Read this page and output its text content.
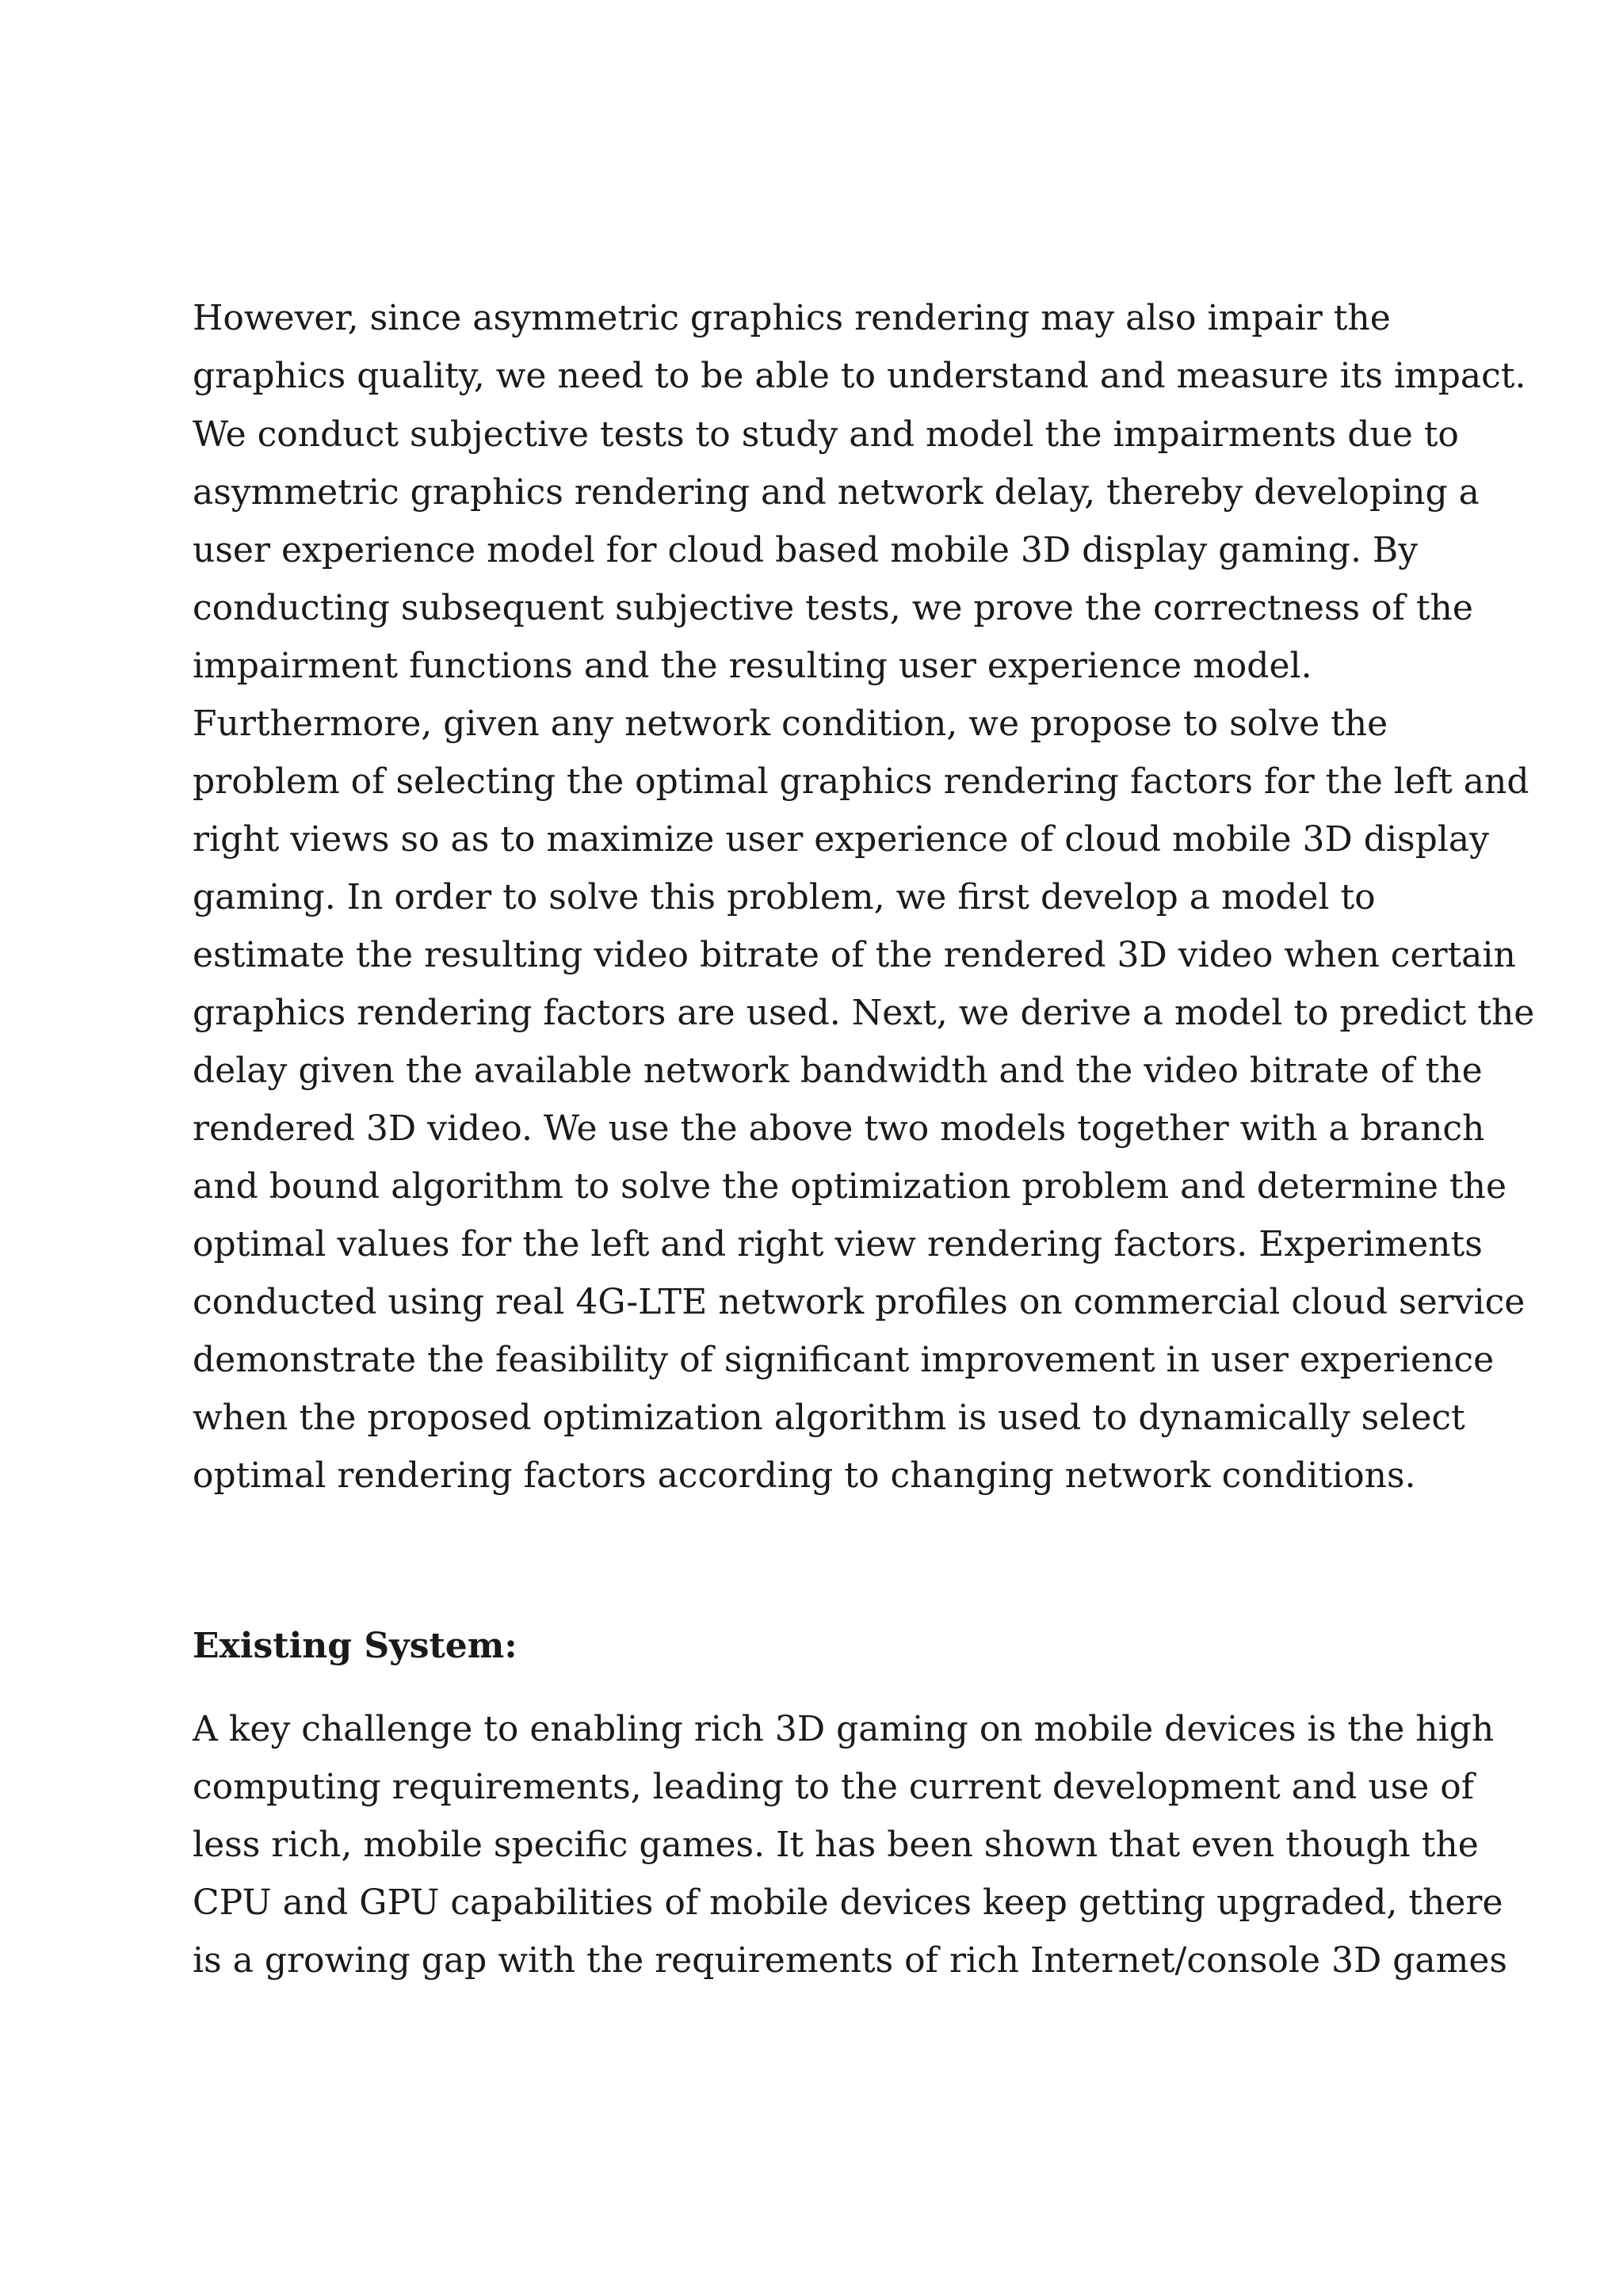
However, since asymmetric graphics rendering may also impair the

graphics quality, we need to be able to understand and measure its impact.

We conduct subjective tests to study and model the impairments due to

asymmetric graphics rendering and network delay, thereby developing a

user experience model for cloud based mobile 3D display gaming. By

conducting subsequent subjective tests, we prove the correctness of the

impairment functions and the resulting user experience model.

Furthermore, given any network condition, we propose to solve the

problem of selecting the optimal graphics rendering factors for the left and

right views so as to maximize user experience of cloud mobile 3D display

gaming. In order to solve this problem, we first develop a model to

estimate the resulting video bitrate of the rendered 3D video when certain

graphics rendering factors are used. Next, we derive a model to predict the

delay given the available network bandwidth and the video bitrate of the

rendered 3D video. We use the above two models together with a branch

and bound algorithm to solve the optimization problem and determine the

optimal values for the left and right view rendering factors. Experiments

conducted using real 4G-LTE network profiles on commercial cloud service

demonstrate the feasibility of significant improvement in user experience

when the proposed optimization algorithm is used to dynamically select

optimal rendering factors according to changing network conditions.

Existing System:

A key challenge to enabling rich 3D gaming on mobile devices is the high

computing requirements, leading to the current development and use of

less rich, mobile specific games. It has been shown that even though the

CPU and GPU capabilities of mobile devices keep getting upgraded, there

is a growing gap with the requirements of rich Internet/console 3D games
